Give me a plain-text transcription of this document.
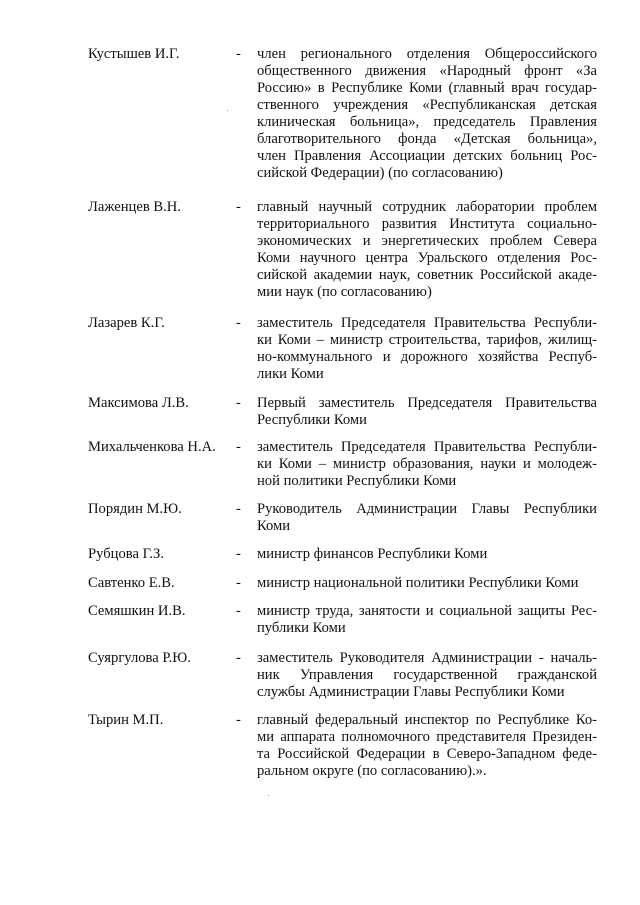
Кустышев И.Г.	- член регионального отделения Общероссийского
общественного движения «Народный фронт «За
Россию» в Республике Коми (главный врач государ-
ственного учреждения «Республиканская детская
клиническая больница», председатель Правления
благотворительного фонда «Детская больница»,
член Правления Ассоциации детских больниц Рос-
сийской Федерации) (по согласованию)
Лаженцев В.Н.	- главный научный сотрудник лаборатории проблем
территориального развития Института социально-
экономических и энергетических проблем Севера
Коми научного центра Уральского отделения Рос-
сийской академии наук, советник Российской акаде-
мии наук (по согласованию)
Лазарев К.Г.	- заместитель Председателя Правительства Республи-
ки Коми – министр строительства, тарифов, жилищ-
но-коммунального и дорожного хозяйства Респуб-
лики Коми
Максимова Л.В.	- Первый заместитель Председателя Правительства
Республики Коми
Михальченкова Н.А. - заместитель Председателя Правительства Республи-
ки Коми – министр образования, науки и молодеж-
ной политики Республики Коми
Порядин М.Ю.	- Руководитель Администрации Главы Республики
Коми
Рубцова Г.З.	- министр финансов Республики Коми
Савтенко Е.В.	- министр национальной политики Республики Коми
Семяшкин И.В.	- министр труда, занятости и социальной защиты Рес-
публики Коми
Суяргулова Р.Ю.	- заместитель Руководителя Администрации - началь-
ник Управления государственной гражданской
службы Администрации Главы Республики Коми
Тырин М.П.	- главный федеральный инспектор по Республике Ко-
ми аппарата полномочного представителя Президен-
та Российской Федерации в Северо-Западном феде-
ральном округе (по согласованию).».
